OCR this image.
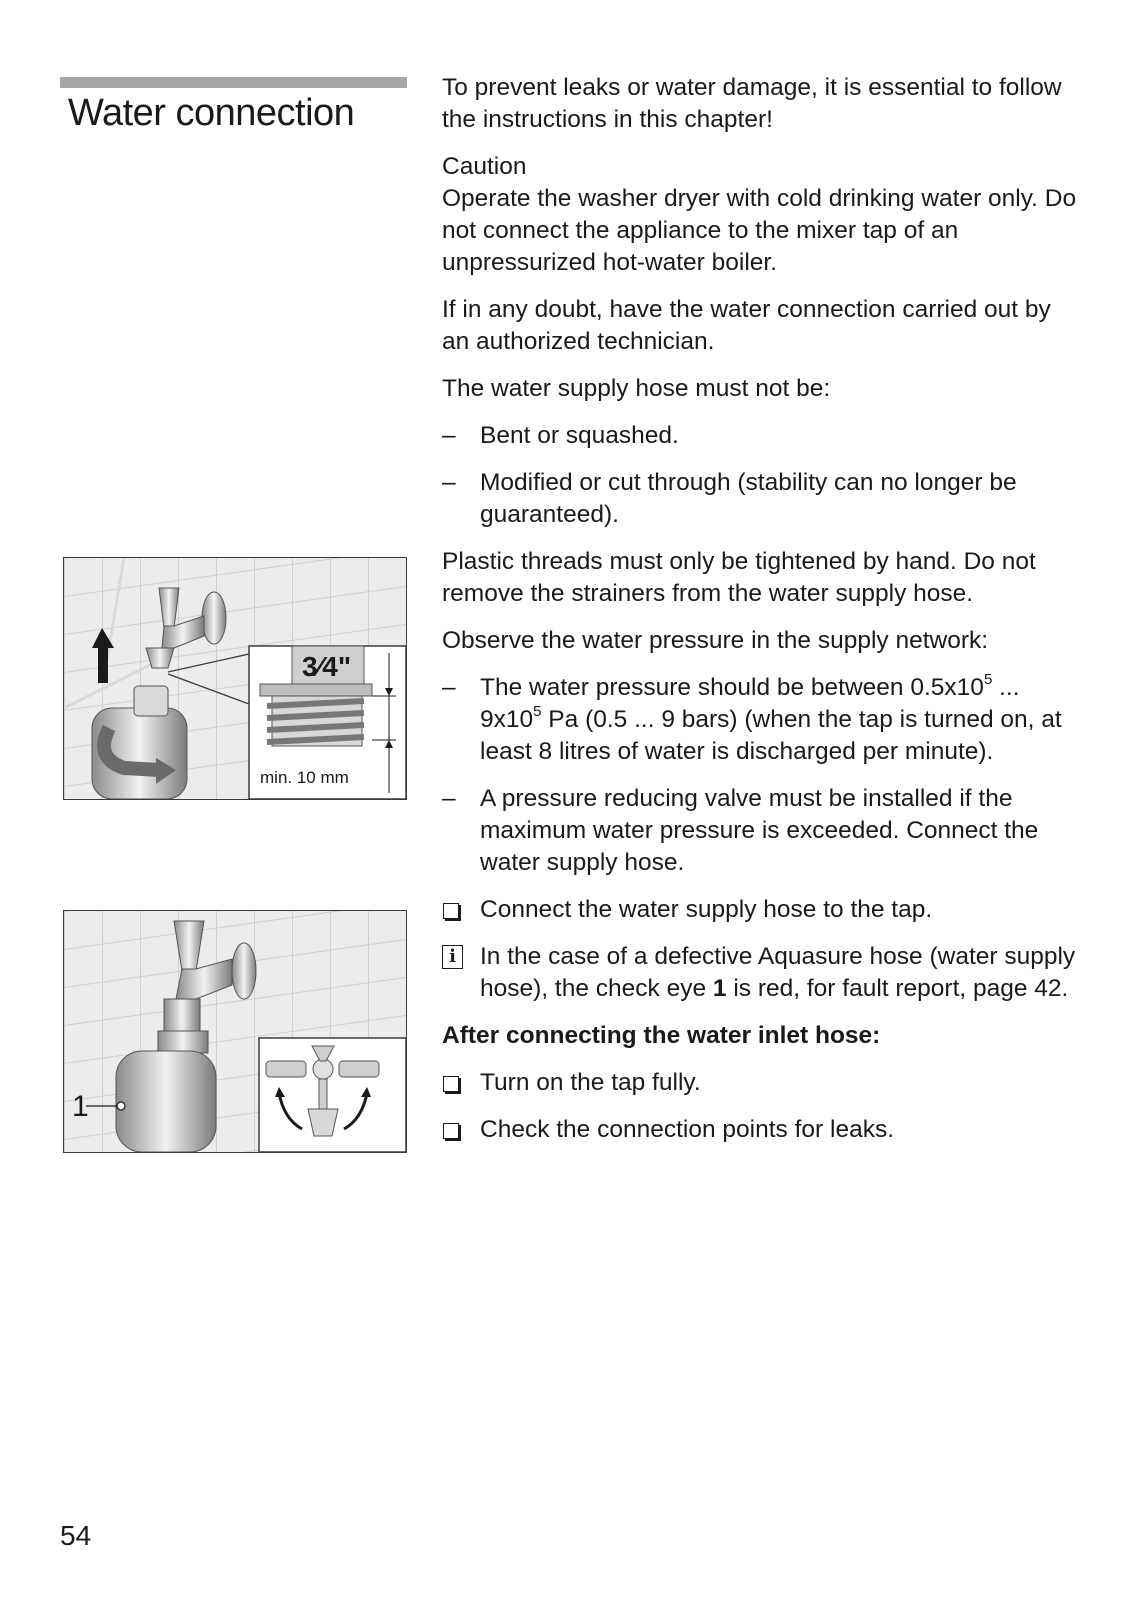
Water connection
3⁄4"
min. 10 mm
1

To prevent leaks or water damage, it is essential to follow the instructions in this chapter!

Caution

Operate the washer dryer with cold drinking water only. Do not connect the appliance to the mixer tap of an unpressurized hot-water boiler.

If in any doubt, have the water connection carried out by an authorized technician.

The water supply hose must not be:

–
Bent or squashed.
–
Modified or cut through (stability can no longer be guaranteed).

Plastic threads must only be tightened by hand. Do not remove the strainers from the water supply hose.

Observe the water pressure in the supply network:

–
The water pressure should be between $0.5x10^5$ ... $9x10^5$ Pa (0.5 ... 9 bars) (when the tap is turned on, at least 8 litres of water is discharged per minute).
–
A pressure reducing valve must be installed if the maximum water pressure is exceeded. Connect the water supply hose.
Connect the water supply hose to the tap.
i In the case of a defective Aquasure hose (water supply hose), the check eye 1 is red, for fault report, page 42.

After connecting the water inlet hose:

Turn on the tap fully.
Check the connection points for leaks.
54
